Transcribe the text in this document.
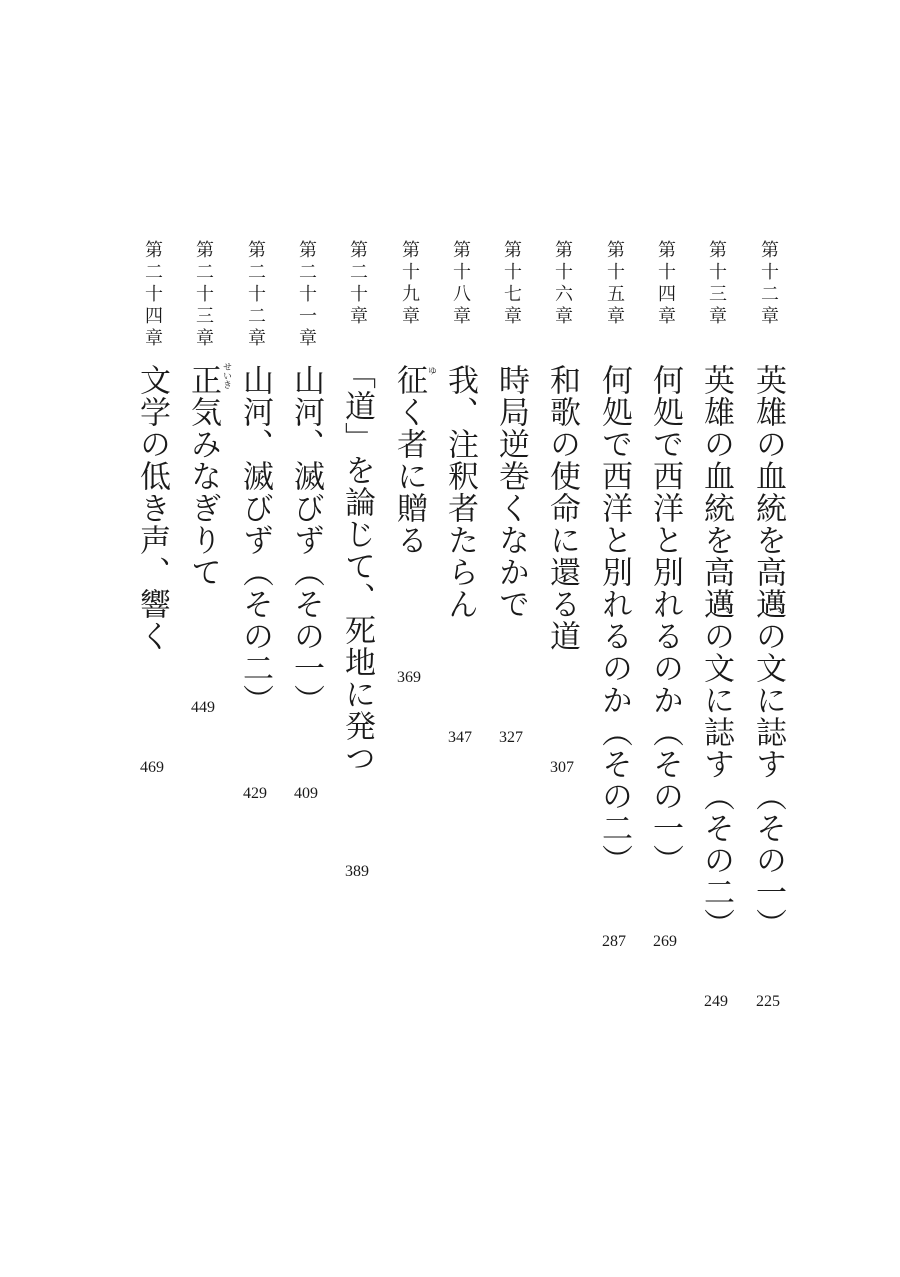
第十二章
英雄の血統を高邁の文に誌す（その一）
225
第十三章
英雄の血統を高邁の文に誌す（その二）
249
第十四章
何処で西洋と別れるのか（その一）
269
第十五章
何処で西洋と別れるのか（その二）
287
第十六章
和歌の使命に還る道
307
第十七章
時局逆巻くなかで
327
第十八章
我、注釈者たらん
347
第十九章
ゆ
征く者に贈る
369
第二十章
「道」を論じて、死地に発つ
389
第二十一章
山河、滅びず（その一）
409
第二十二章
山河、滅びず（その二）
429
第二十三章
せいき
正気みなぎりて
449
第二十四章
文学の低き声、響く
469
